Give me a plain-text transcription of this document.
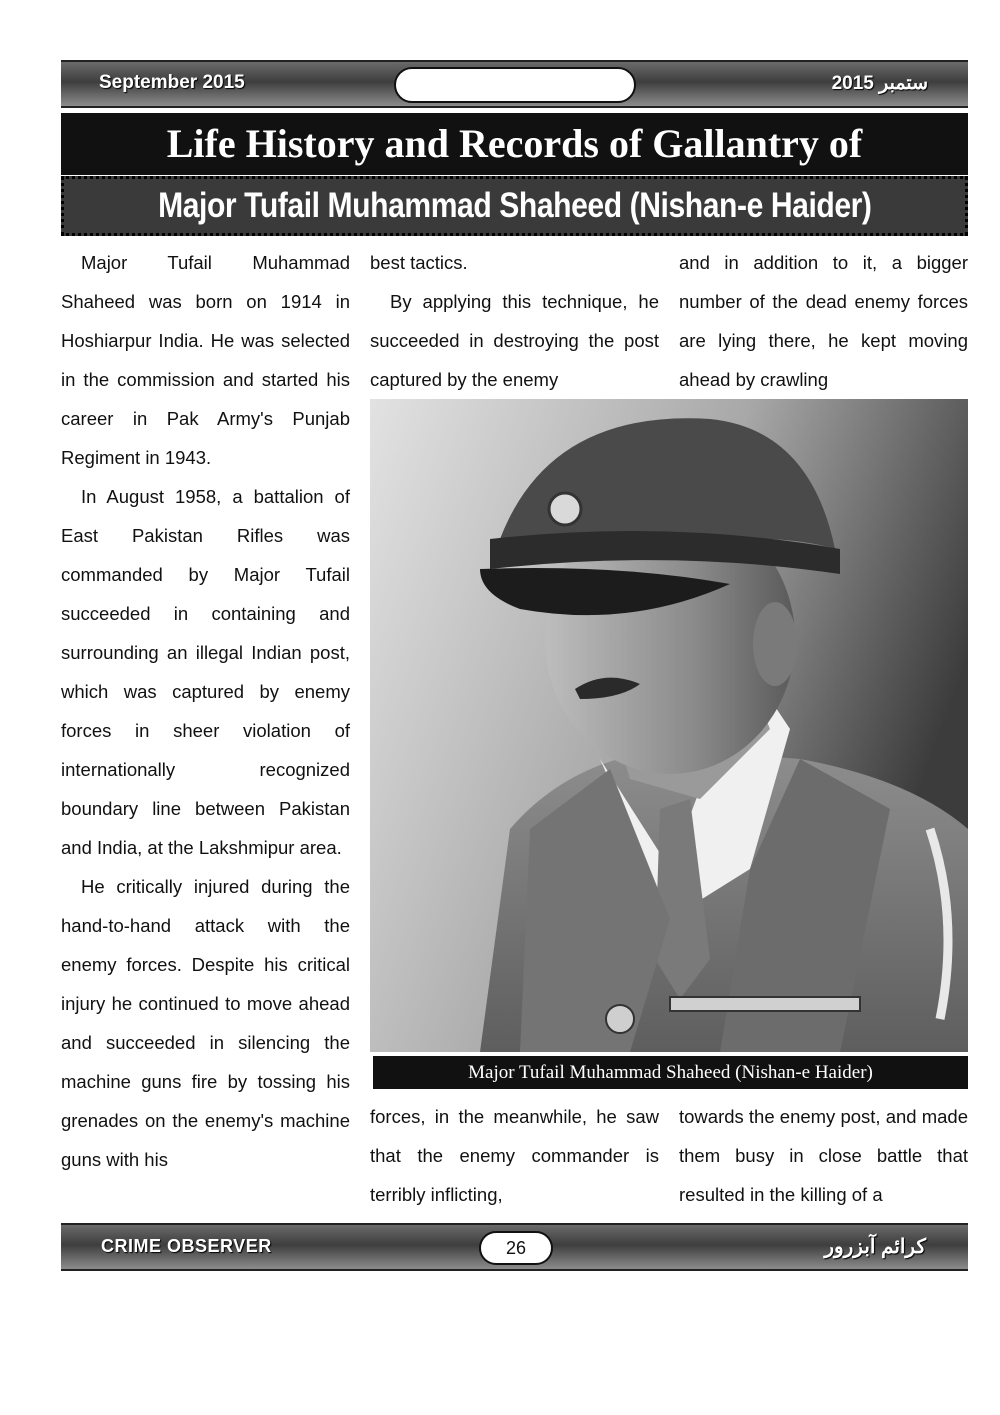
September 2015	2015 ستمبر
Life History and Records of Gallantry of
Major Tufail Muhammad Shaheed (Nishan-e Haider)

Major Tufail Muhammad Shaheed was born on 1914 in Hoshiarpur India. He was selected in the commission and started his career in Pak Army's Punjab Regiment in 1943.

In August 1958, a battalion of East Pakistan Rifles was commanded by Major Tufail succeeded in containing and surrounding an illegal Indian post, which was captured by enemy forces in sheer violation of internationally recognized boundary line between Pakistan and India, at the Lakshmipur area.

He critically injured during the hand-to-hand attack with the enemy forces. Despite his critical injury he continued to move ahead and succeeded in silencing the machine guns fire by tossing his grenades on the enemy's machine guns with his

best tactics.

By applying this technique, he succeeded in destroying the post captured by the enemy

and in addition to it, a bigger number of the dead enemy forces are lying there, he kept moving ahead by crawling

Major Tufail Muhammad Shaheed (Nishan-e Haider)

forces, in the meanwhile, he saw that the enemy commander is terribly inflicting,

towards the enemy post, and made them busy in close battle that resulted in the killing of a

CRIME OBSERVER	26	کرائم آبزرور
